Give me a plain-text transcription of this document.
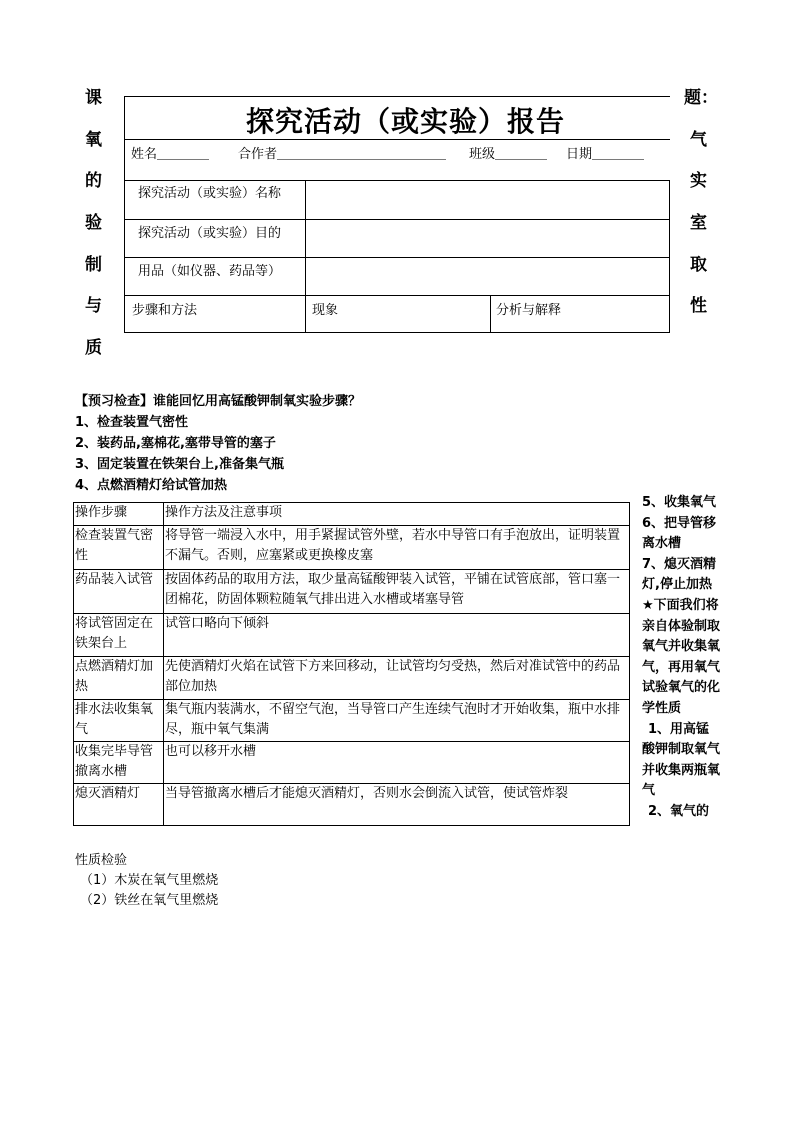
课
氧
的
验
制
与
质
题：
气
实
室
取
性
探究活动（或实验）报告
姓名＿＿＿＿ 合作者＿＿＿＿＿＿＿＿＿＿＿＿＿ 班级＿＿＿＿ 日期＿＿＿＿
探究活动（或实验）名称
探究活动（或实验）目的
用品（如仪器、药品等）
步骤和方法	现象	分析与解释
【预习检查】谁能回忆用高锰酸钾制氧实验步骤？
1、检查装置气密性
2、装药品,塞棉花,塞带导管的塞子
3、固定装置在铁架台上,准备集气瓶
4、点燃酒精灯给试管加热
操作步骤	操作方法及注意事项
检查装置气密性	将导管一端浸入水中，用手紧握试管外壁，若水中导管口有手泡放出，证明装置不漏气。否则，应塞紧或更换橡皮塞
药品装入试管	按固体药品的取用方法，取少量高锰酸钾装入试管，平铺在试管底部，管口塞一团棉花，防固体颗粒随氧气排出进入水槽或堵塞导管
将试管固定在铁架台上	试管口略向下倾斜
点燃酒精灯加热	先使酒精灯火焰在试管下方来回移动，让试管均匀受热，然后对准试管中的药品部位加热
排水法收集氧气	集气瓶内装满水，不留空气泡，当导管口产生连续气泡时才开始收集，瓶中水排尽，瓶中氧气集满
收集完毕导管撤离水槽	也可以移开水槽
熄灭酒精灯	当导管撤离水槽后才能熄灭酒精灯，否则水会倒流入试管，使试管炸裂
5、收集氧气
6、把导管移离水槽
7、熄灭酒精灯,停止加热
★下面我们将亲自体验制取氧气并收集氧气，再用氧气试验氧气的化学性质
1、用高锰酸钾制取氧气并收集两瓶氧气
2、氧气的
性质检验
（1）木炭在氧气里燃烧
（2）铁丝在氧气里燃烧
